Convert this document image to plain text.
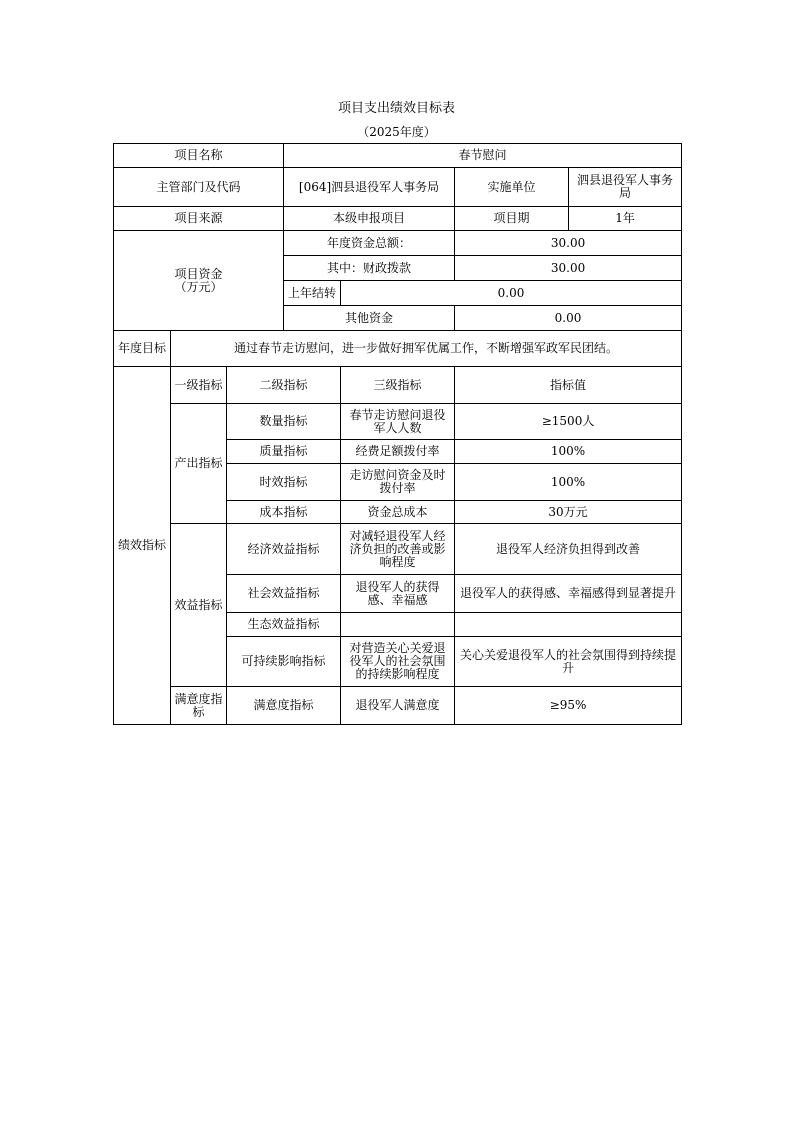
项目支出绩效目标表
（2025年度）
项目名称			春节慰问			
主管部门及代码			[064]泗县退役军人事务局		实施单位	泗县退役军人事务局
项目来源			本级申报项目		项目期	1年
项目资金
（万元）			年度资金总额：		30.00	
			其中：财政拨款		30.00	
			上年结转	0.00		
			其他资金		0.00	
年度目标	通过春节走访慰问，进一步做好拥军优属工作，不断增强军政军民团结。					
绩效指标	一级指标	二级指标		三级指标	指标值	
	产出指标	数量指标		春节走访慰问退役军人人数	≥1500人	
		质量指标		经费足额拨付率	100%	
		时效指标		走访慰问资金及时拨付率	100%	
		成本指标		资金总成本	30万元	
	效益指标	经济效益指标		对减轻退役军人经济负担的改善或影响程度	退役军人经济负担得到改善	
		社会效益指标		退役军人的获得感、幸福感	退役军人的获得感、幸福感得到显著提升	
		生态效益指标				
		可持续影响指标		对营造关心关爱退役军人的社会氛围的持续影响程度	关心关爱退役军人的社会氛围得到持续提升	
	满意度指标	满意度指标		退役军人满意度	≥95%	
